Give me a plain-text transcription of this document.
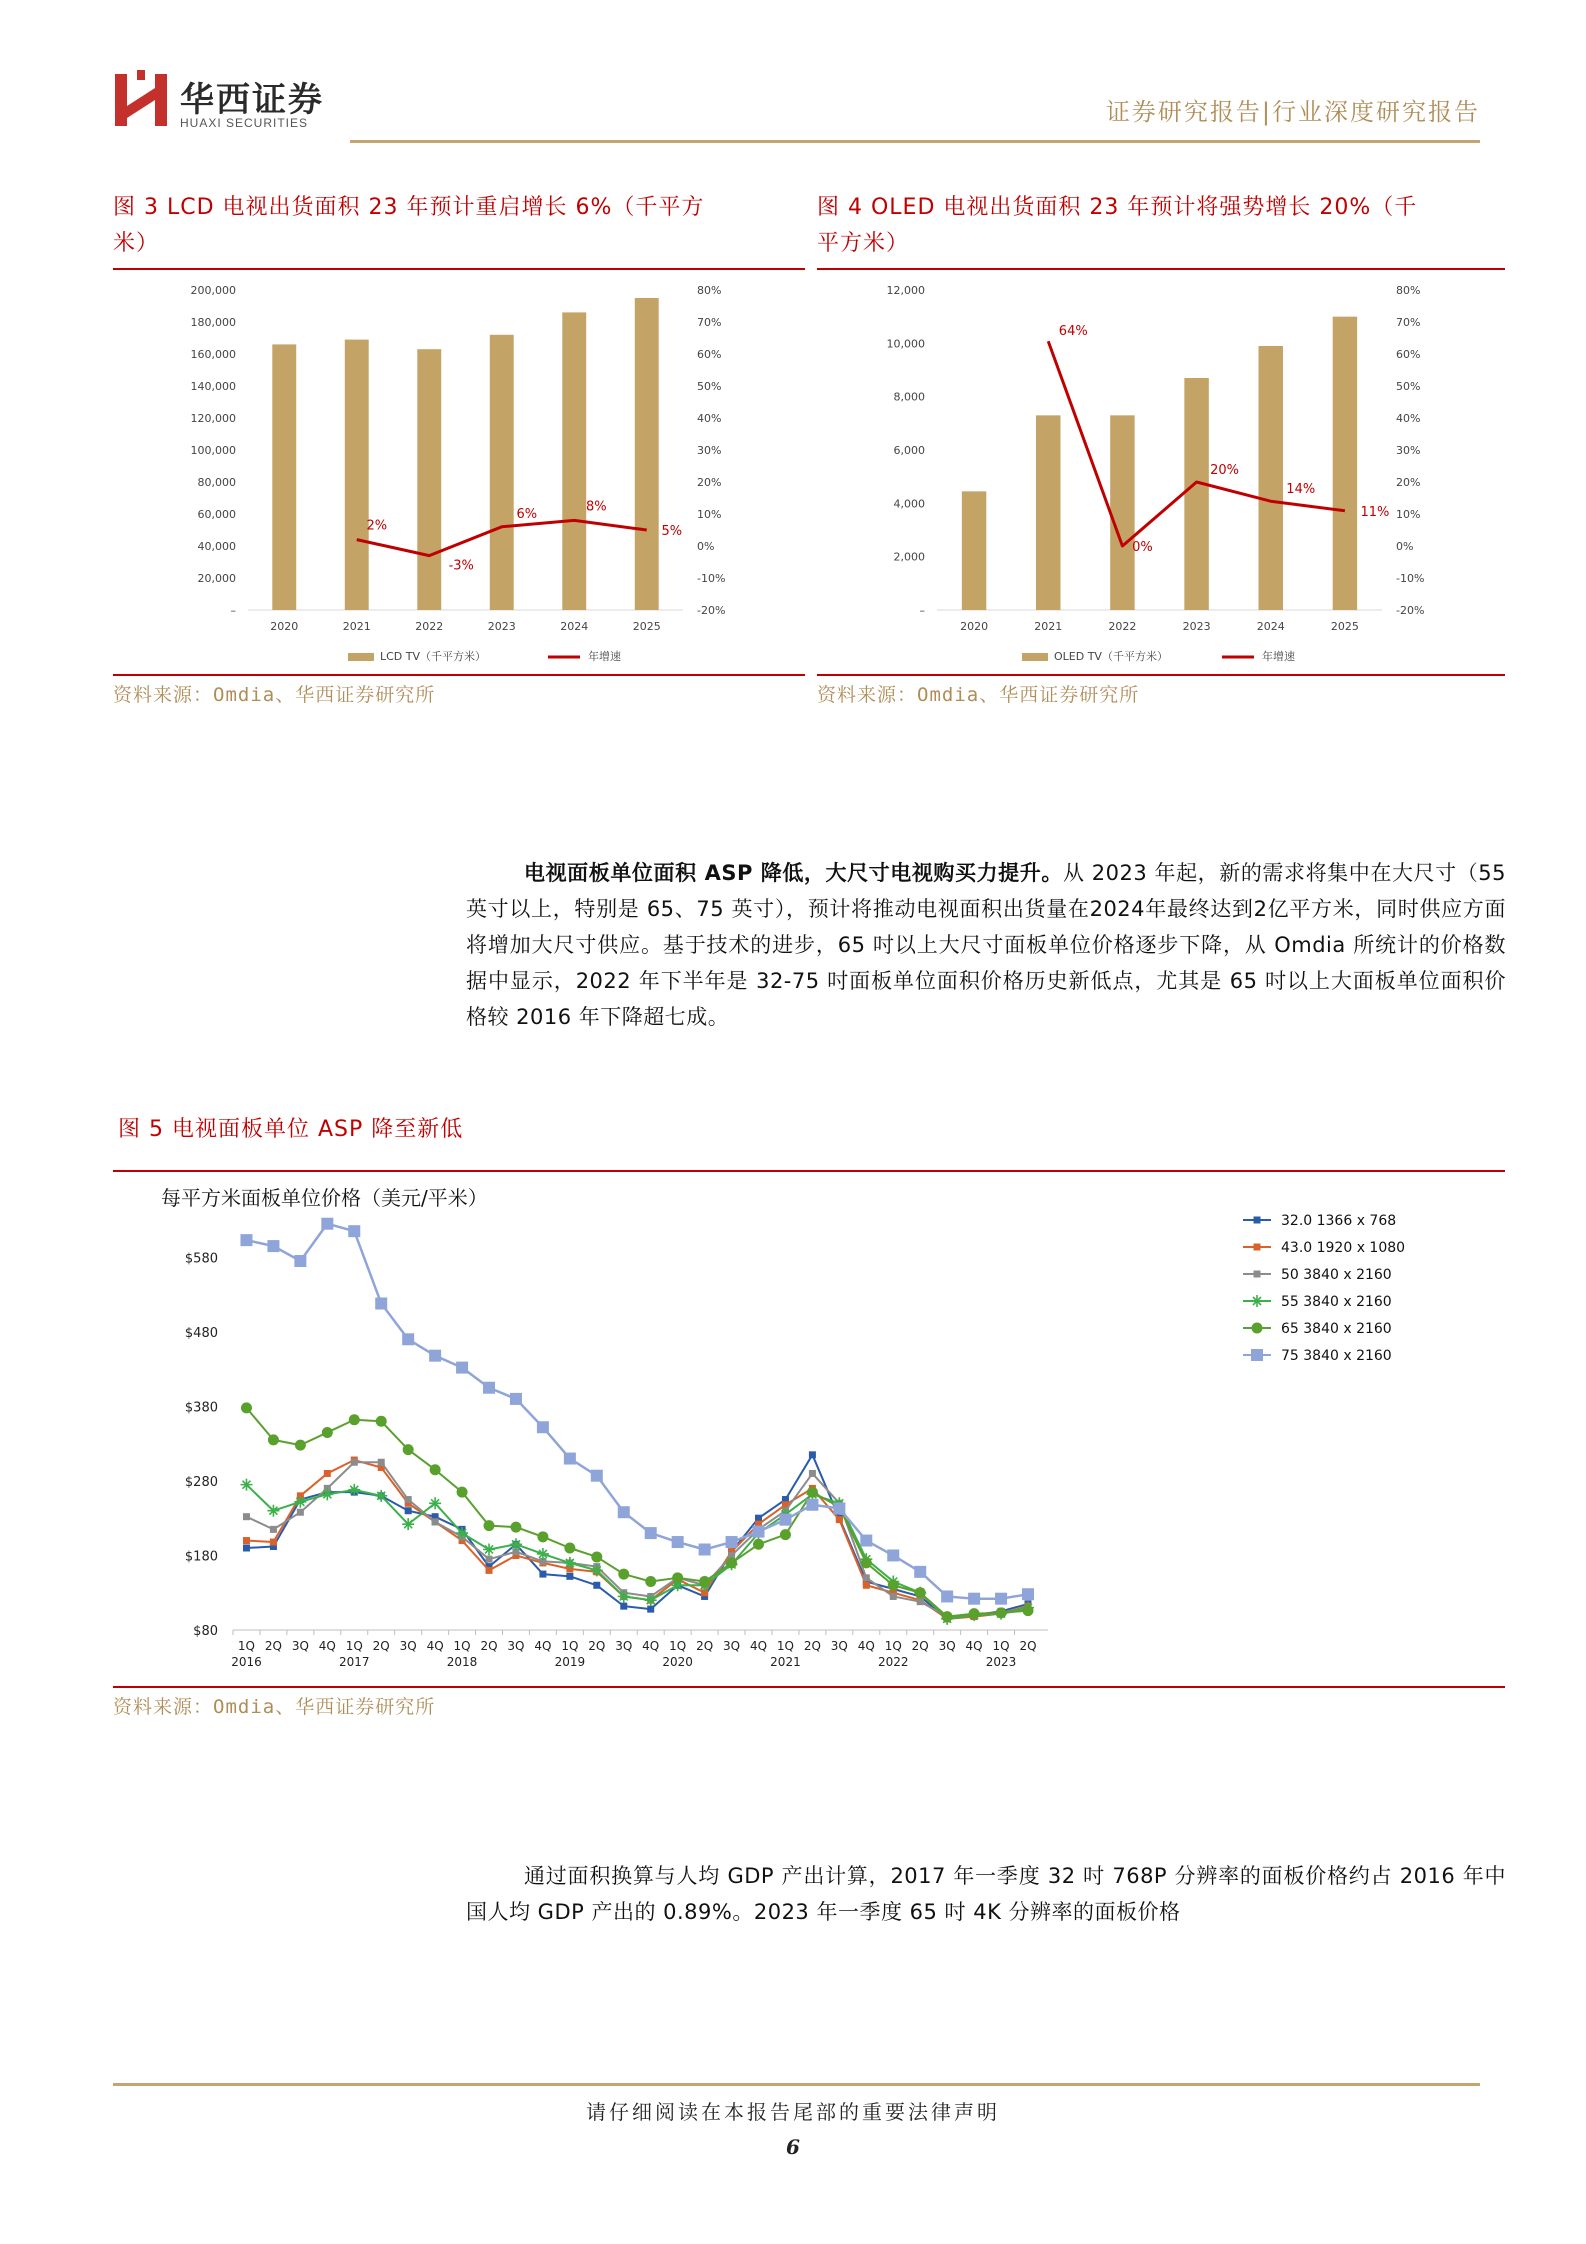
华西证券
HUAXI SECURITIES	证券研究报告|行业深度研究报告
图 3 LCD 电视出货面积 23 年预计重启增长 6%（千平方
米）
–
20,000
40,000
60,000
80,000
100,000
120,000
140,000
160,000
180,000
200,000
-20%
-10%
0%
10%
20%
30%
40%
50%
60%
70%
80%
2020	2021	2022	2023	2024	2025
2%
-3%
6%	8%
5%
LCD TV（千平方米）	年增速
资料来源：Omdia、华西证券研究所
图 4 OLED 电视出货面积 23 年预计将强势增长 20%（千
平方米）
–
2,000
4,000
6,000
8,000
10,000
12,000
-20%
-10%
0%
10%
20%
30%
40%
50%
60%
70%
80%
2020	2021	2022	2023	2024	2025
64%
0%
20%
14%
11%
OLED TV（千平方米）	年增速
资料来源：Omdia、华西证券研究所
电视面板单位面积 ASP 降低，大尺寸电视购买力提升。从 2023 年起，新的需求将集中在大尺寸（55 英寸以上，特别是 65、75 英寸），预计将推动电视面积出货量在2024年最终达到2亿平方米，同时供应方面将增加大尺寸供应。基于技术的进步，65 吋以上大尺寸面板单位价格逐步下降，从 Omdia 所统计的价格数据中显示，2022 年下半年是 32-75 吋面板单位面积价格历史新低点，尤其是 65 吋以上大面板单位面积价格较 2016 年下降超七成。
图 5 电视面板单位 ASP 降至新低
每平方米面板单位价格（美元/平米）
$80
$180
$280
$380
$480
$580
1Q 2Q 3Q 4Q 1Q 2Q 3Q 4Q 1Q 2Q 3Q 4Q 1Q 2Q 3Q 4Q 1Q 2Q 3Q 4Q 1Q 2Q 3Q 4Q 1Q 2Q 3Q 4Q 1Q 2Q
2016	2017	2018	2019	2020	2021	2022	2023
32.0 1366 x 768
43.0 1920 x 1080
50 3840 x 2160
55 3840 x 2160
65 3840 x 2160
75 3840 x 2160
资料来源：Omdia、华西证券研究所
通过面积换算与人均 GDP 产出计算，2017 年一季度 32 吋 768P 分辨率的面板价格约占 2016 年中国人均 GDP 产出的 0.89%。2023 年一季度 65 吋 4K 分辨率的面板价格
请仔细阅读在本报告尾部的重要法律声明
6
